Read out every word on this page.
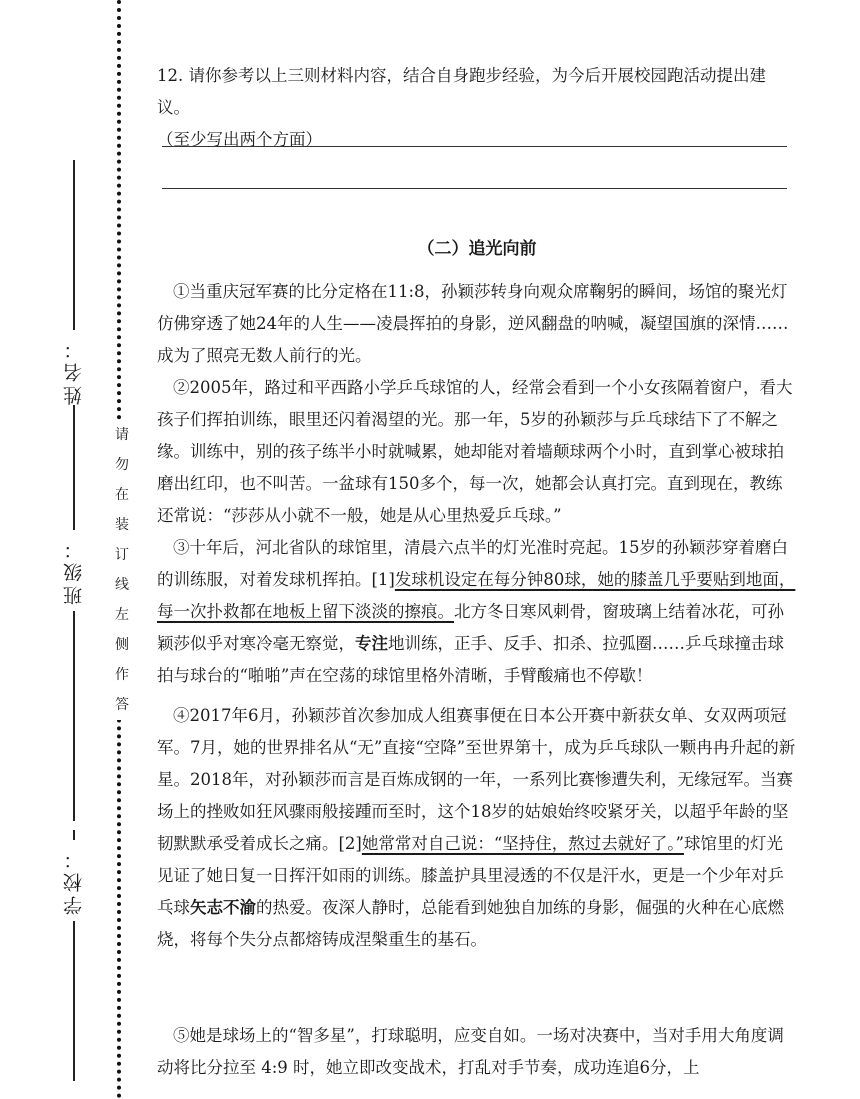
姓名：
班级：
学校：
请
勿
在
装
订
线
左
侧
作
答
12. 请你参考以上三则材料内容，结合自身跑步经验，为今后开展校园跑活动提出建议。
（至少写出两个方面）
（二）追光向前
①当重庆冠军赛的比分定格在11:8，孙颖莎转身向观众席鞠躬的瞬间，场馆的聚光灯仿佛穿透了她24年的人生——凌晨挥拍的身影，逆风翻盘的呐喊，凝望国旗的深情……成为了照亮无数人前行的光。
②2005年，路过和平西路小学乒乓球馆的人，经常会看到一个小女孩隔着窗户，看大孩子们挥拍训练，眼里还闪着渴望的光。那一年，5岁的孙颖莎与乒乓球结下了不解之缘。训练中，别的孩子练半小时就喊累，她却能对着墙颠球两个小时，直到掌心被球拍磨出红印，也不叫苦。一盆球有150多个，每一次，她都会认真打完。直到现在，教练还常说：“莎莎从小就不一般，她是从心里热爱乒乓球。”
③十年后，河北省队的球馆里，清晨六点半的灯光准时亮起。15岁的孙颖莎穿着磨白的训练服，对着发球机挥拍。[1]发球机设定在每分钟80球，她的膝盖几乎要贴到地面，每一次扑救都在地板上留下淡淡的擦痕。北方冬日寒风刺骨，窗玻璃上结着冰花，可孙颖莎似乎对寒冷毫无察觉，专注地训练，正手、反手、扣杀、拉弧圈……乒乓球撞击球拍与球台的“啪啪”声在空荡的球馆里格外清晰，手臂酸痛也不停歇！
④2017年6月，孙颖莎首次参加成人组赛事便在日本公开赛中新获女单、女双两项冠军。7月，她的世界排名从“无”直接“空降”至世界第十，成为乒乓球队一颗冉冉升起的新星。2018年，对孙颖莎而言是百炼成钢的一年，一系列比赛惨遭失利，无缘冠军。当赛场上的挫败如狂风骤雨般接踵而至时，这个18岁的姑娘始终咬紧牙关，以超乎年龄的坚韧默默承受着成长之痛。[2]她常常对自己说：“坚持住，熬过去就好了。”球馆里的灯光见证了她日复一日挥汗如雨的训练。膝盖护具里浸透的不仅是汗水，更是一个少年对乒乓球矢志不渝的热爱。夜深人静时，总能看到她独自加练的身影，倔强的火种在心底燃烧，将每个失分点都熔铸成涅槃重生的基石。
⑤她是球场上的“智多星”，打球聪明，应变自如。一场对决赛中，当对手用大角度调动将比分拉至 4:9 时，她立即改变战术，打乱对手节奏，成功连追6分，上
